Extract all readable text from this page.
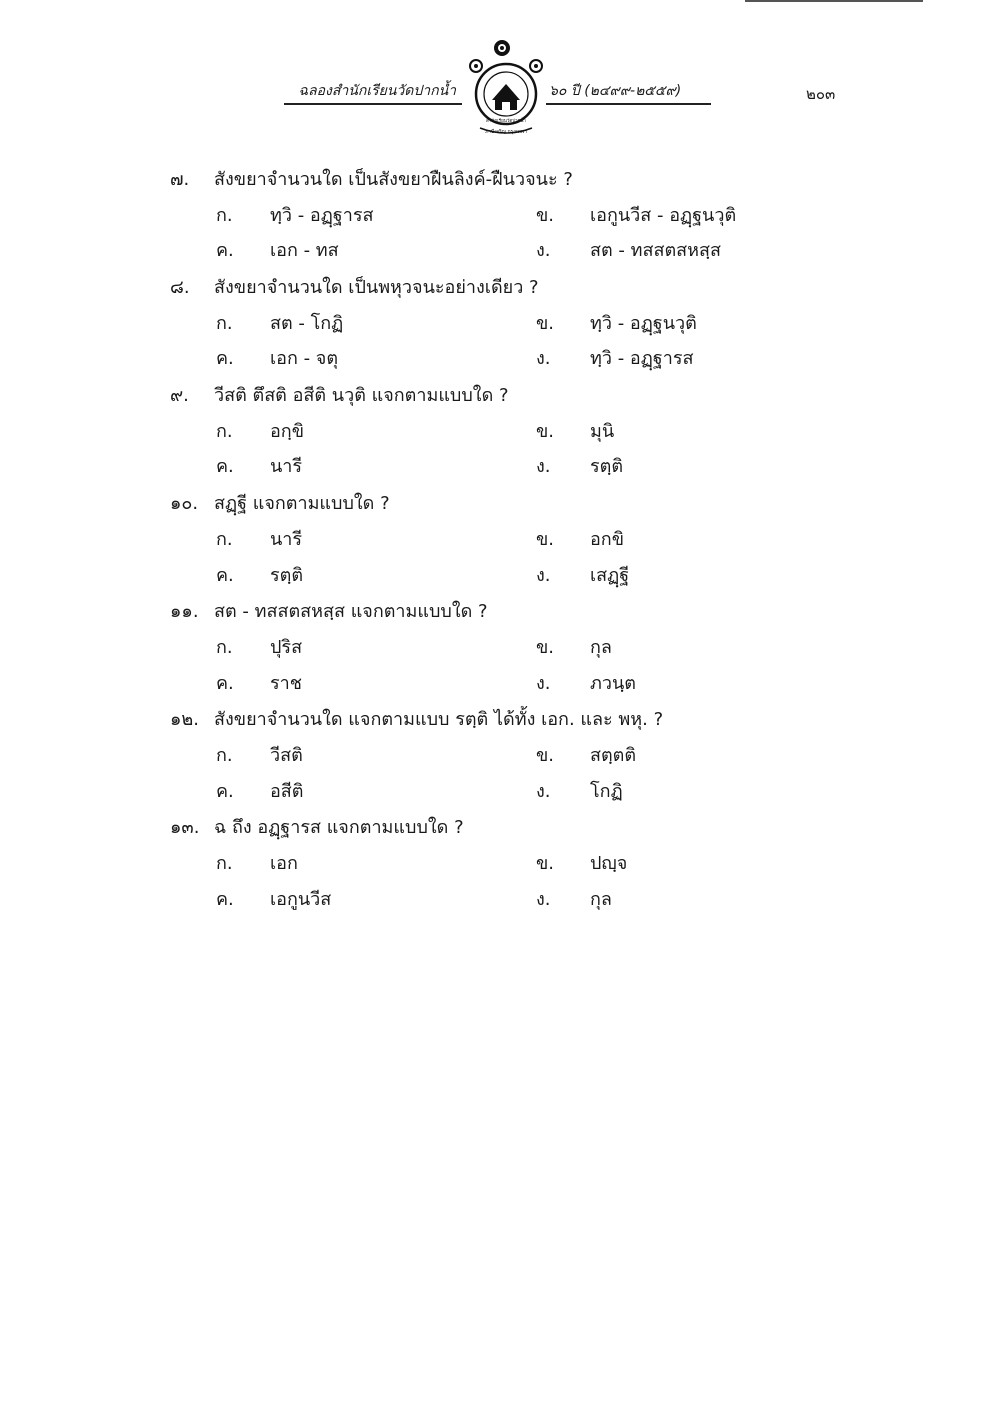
ฉลองสำนักเรียนวัดปากน้ำ
ภาษีเจริญ กรุงเทพฯ
สำนักเรียนวัดปากน้ำ
๖๐ ปี (๒๔๙๙-๒๕๕๙)	๒๐๓
๗. สังขยาจำนวนใด เป็นสังขยาฝืนลิงค์-ฝืนวจนะ ?
ก. ทฺวิ - อฏฺฐารส	ข. เอกูนวีส - อฏฺฐนวุติ
ค. เอก - ทส	ง. สต - ทสสตสหสฺส
๘. สังขยาจำนวนใด เป็นพหุวจนะอย่างเดียว ?
ก. สต - โกฏิ	ข. ทฺวิ - อฏฺฐนวุติ
ค. เอก - จตุ	ง. ทฺวิ - อฏฺฐารส
๙. วีสติ ตึสติ อสีติ นวุติ แจกตามแบบใด ?
ก. อกฺขิ	ข. มุนิ
ค. นารี	ง. รตฺติ
๑๐. สฏฺฐี แจกตามแบบใด ?
ก. นารี	ข. อกขิ
ค. รตฺติ	ง. เสฏฺฐี
๑๑. สต - ทสสตสหสฺส แจกตามแบบใด ?
ก. ปุริส	ข. กุล
ค. ราช	ง. ภวนฺต
๑๒. สังขยาจำนวนใด แจกตามแบบ รตฺติ ได้ทั้ง เอก. และ พหุ. ?
ก. วีสติ	ข. สตฺตติ
ค. อสีติ	ง. โกฏิ
๑๓. ฉ ถึง อฏฺฐารส แจกตามแบบใด ?
ก. เอก	ข. ปญฺจ
ค. เอกูนวีส	ง. กุล
